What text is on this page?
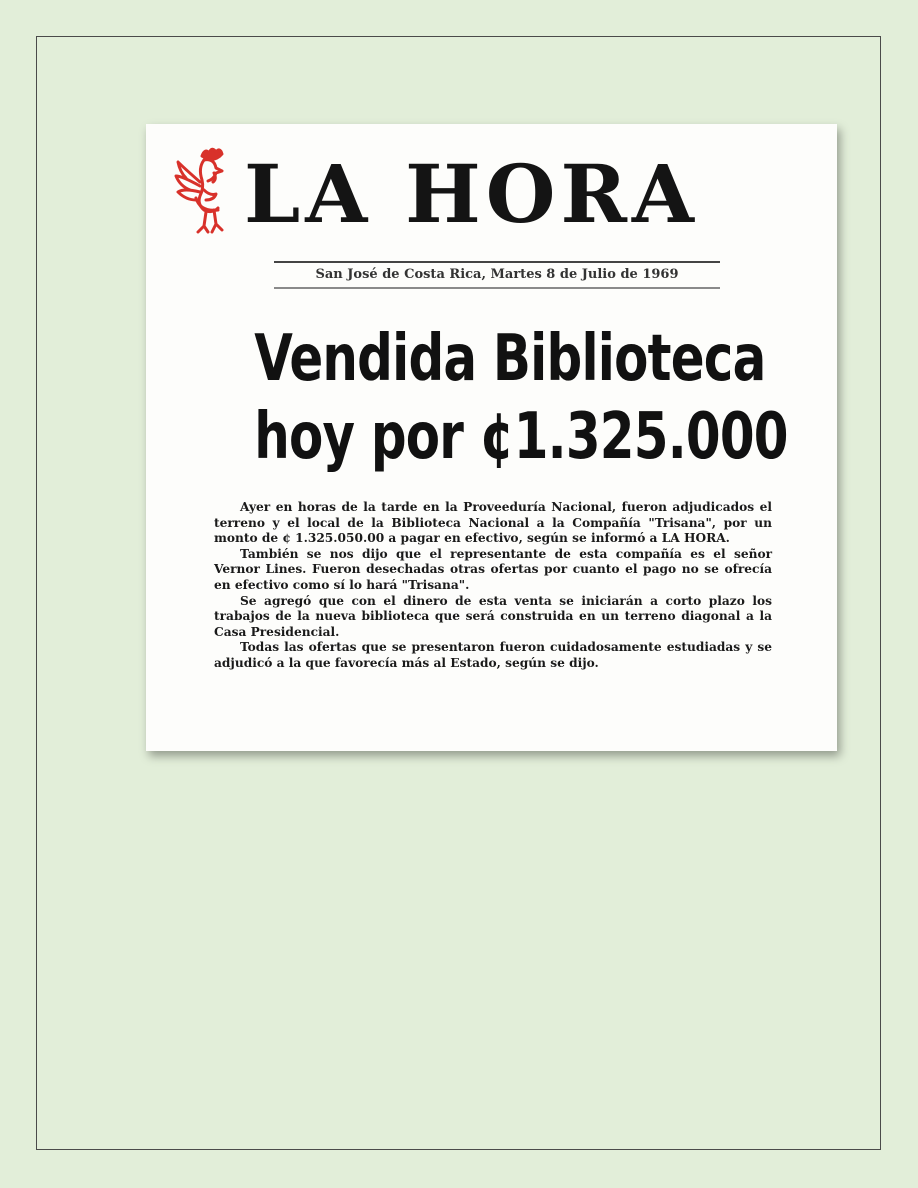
LA HORA
San José de Costa Rica, Martes 8 de Julio de 1969
Vendida Biblioteca
hoy por ¢1.325.000

Ayer en horas de la tarde en la Proveeduría Nacional, fueron adjudicados el terreno y el local de la Biblioteca Nacional a la Compañía "Trisana", por un monto de ¢ 1.325.050.00 a pagar en efectivo, según se informó a LA HORA.

También se nos dijo que el representante de esta compañía es el señor Vernor Lines. Fueron desechadas otras ofertas por cuanto el pago no se ofrecía en efectivo como sí lo hará "Trisana".

Se agregó que con el dinero de esta venta se iniciarán a corto plazo los trabajos de la nueva biblioteca que será construida en un terreno diagonal a la Casa Presidencial.

Todas las ofertas que se presentaron fueron cuidadosamente estudiadas y se adjudicó a la que favorecía más al Estado, según se dijo.
